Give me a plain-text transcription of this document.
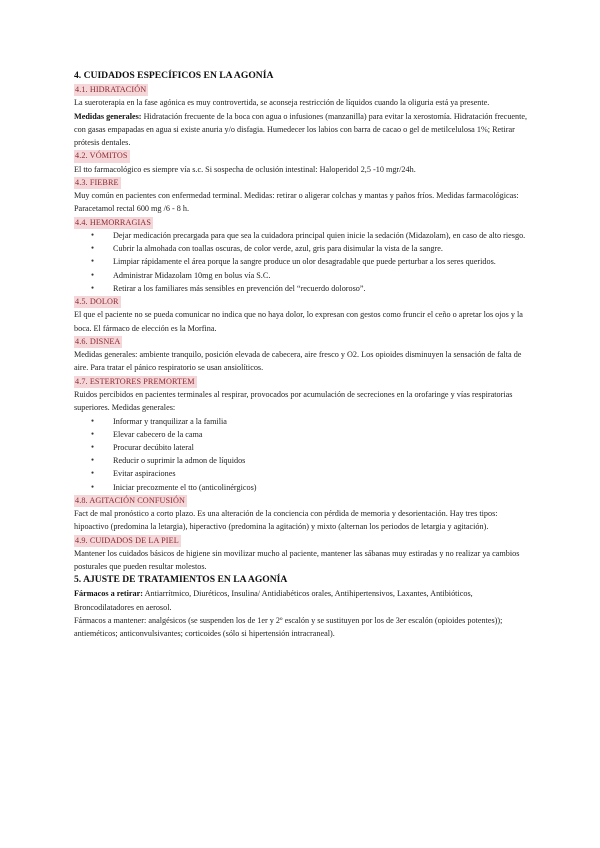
4. CUIDADOS ESPECÍFICOS EN LA AGONÍA

4.1. HIDRATACIÓN

La sueroterapia en la fase agónica es muy controvertida, se aconseja restricción de líquidos cuando la oliguria está ya presente.

Medidas generales: Hidratación frecuente de la boca con agua o infusiones (manzanilla) para evitar la xerostomía. Hidratación frecuente, con gasas empapadas en agua si existe anuria y/o disfagia. Humedecer los labios con barra de cacao o gel de metilcelulosa 1%; Retirar prótesis dentales.

4.2. VÓMITOS

El tto farmacológico es siempre vía s.c. Si sospecha de oclusión intestinal: Haloperidol 2,5 -10 mgr/24h.

4.3. FIEBRE

Muy común en pacientes con enfermedad terminal. Medidas: retirar o aligerar colchas y mantas y paños fríos. Medidas farmacológicas: Paracetamol rectal 600 mg /6 - 8 h.

4.4. HEMORRAGIAS
● Dejar medicación precargada para que sea la cuidadora principal quien inicie la sedación (Midazolam), en caso de alto riesgo.
● Cubrir la almohada con toallas oscuras, de color verde, azul, gris para disimular la vista de la sangre.
● Limpiar rápidamente el área porque la sangre produce un olor desagradable que puede perturbar a los seres queridos.
● Administrar Midazolam 10mg en bolus vía S.C.
● Retirar a los familiares más sensibles en prevención del “recuerdo doloroso”.
4.5. DOLOR

El que el paciente no se pueda comunicar no indica que no haya dolor, lo expresan con gestos como fruncir el ceño o apretar los ojos y la boca. El fármaco de elección es la Morfina.

4.6. DISNEA

Medidas generales: ambiente tranquilo, posición elevada de cabecera, aire fresco y O2. Los opioides disminuyen la sensación de falta de aire. Para tratar el pánico respiratorio se usan ansiolíticos.

4.7. ESTERTORES PREMORTEM

Ruidos percibidos en pacientes terminales al respirar, provocados por acumulación de secreciones en la orofaringe y vías respiratorias superiores. Medidas generales:

● Informar y tranquilizar a la familia
● Elevar cabecero de la cama
● Procurar decúbito lateral
● Reducir o suprimir la admon de líquidos
● Evitar aspiraciones
● Iniciar precozmente el tto (anticolinérgicos)
4.8. AGITACIÓN CONFUSIÓN

Fact de mal pronóstico a corto plazo. Es una alteración de la conciencia con pérdida de memoria y desorientación. Hay tres tipos: hipoactivo (predomina la letargia), hiperactivo (predomina la agitación) y mixto (alternan los periodos de letargia y agitación).

4.9. CUIDADOS DE LA PIEL

Mantener los cuidados básicos de higiene sin movilizar mucho al paciente, mantener las sábanas muy estiradas y no realizar ya cambios posturales que pueden resultar molestos.

5. AJUSTE DE TRATAMIENTOS EN LA AGONÍA

Fármacos a retirar: Antiarrítmico, Diuréticos, Insulina/ Antidiabéticos orales, Antihipertensivos, Laxantes, Antibióticos, Broncodilatadores en aerosol.

Fármacos a mantener: analgésicos (se suspenden los de 1er y 2º escalón y se sustituyen por los de 3er escalón (opioides potentes)); antieméticos; anticonvulsivantes; corticoides (sólo si hipertensión intracraneal).
